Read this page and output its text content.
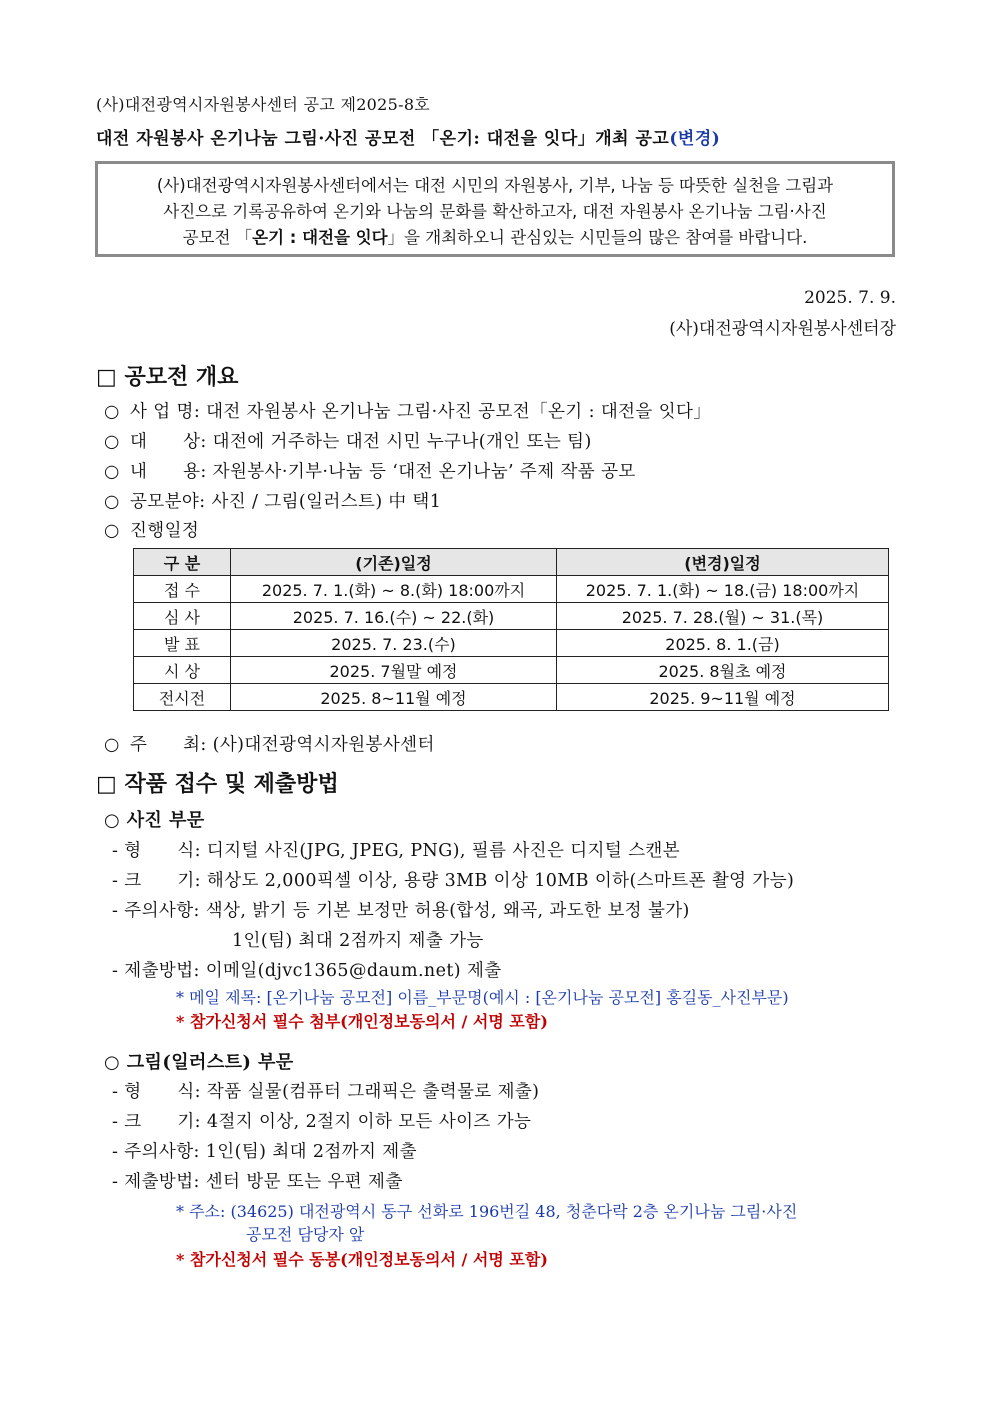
(사)대전광역시자원봉사센터 공고 제2025-8호
대전 자원봉사 온기나눔 그림·사진 공모전 「온기: 대전을 잇다」개최 공고(변경)
(사)대전광역시자원봉사센터에서는 대전 시민의 자원봉사, 기부, 나눔 등 따뜻한 실천을 그림과
사진으로 기록공유하여 온기와 나눔의 문화를 확산하고자, 대전 자원봉사 온기나눔 그림·사진
공모전 「온기 : 대전을 잇다」을 개최하오니 관심있는 시민들의 많은 참여를 바랍니다.
2025. 7. 9.
(사)대전광역시자원봉사센터장
□ 공모전 개요
○ 사 업 명: 대전 자원봉사 온기나눔 그림·사진 공모전「온기 : 대전을 잇다」
○ 대      상: 대전에 거주하는 대전 시민 누구나(개인 또는 팀)
○ 내      용: 자원봉사·기부·나눔 등 ‘대전 온기나눔’ 주제 작품 공모
○ 공모분야: 사진 / 그림(일러스트) 中 택1
○ 진행일정
구 분	(기존)일정	(변경)일정
접 수	2025. 7. 1.(화) ~ 8.(화) 18:00까지	2025. 7. 1.(화) ~ 18.(금) 18:00까지
심 사	2025. 7. 16.(수) ~ 22.(화)	2025. 7. 28.(월) ~ 31.(목)
발 표	2025. 7. 23.(수)	2025. 8. 1.(금)
시 상	2025. 7월말 예정	2025. 8월초 예정
전시전	2025. 8~11월 예정	2025. 9~11월 예정
○ 주      최: (사)대전광역시자원봉사센터
□ 작품 접수 및 제출방법
○ 사진 부문
- 형      식: 디지털 사진(JPG, JPEG, PNG), 필름 사진은 디지털 스캔본
- 크      기: 해상도 2,000픽셀 이상, 용량 3MB 이상 10MB 이하(스마트폰 촬영 가능)
- 주의사항: 색상, 밝기 등 기본 보정만 허용(합성, 왜곡, 과도한 보정 불가)
1인(팀) 최대 2점까지 제출 가능
- 제출방법: 이메일(djvc1365@daum.net) 제출
* 메일 제목: [온기나눔 공모전] 이름_부문명(예시 : [온기나눔 공모전] 홍길동_사진부문)
* 참가신청서 필수 첨부(개인정보동의서 / 서명 포함)
○ 그림(일러스트) 부문
- 형      식: 작품 실물(컴퓨터 그래픽은 출력물로 제출)
- 크      기: 4절지 이상, 2절지 이하 모든 사이즈 가능
- 주의사항: 1인(팀) 최대 2점까지 제출
- 제출방법: 센터 방문 또는 우편 제출
* 주소: (34625) 대전광역시 동구 선화로 196번길 48, 청춘다락 2층 온기나눔 그림·사진
공모전 담당자 앞
* 참가신청서 필수 동봉(개인정보동의서 / 서명 포함)
